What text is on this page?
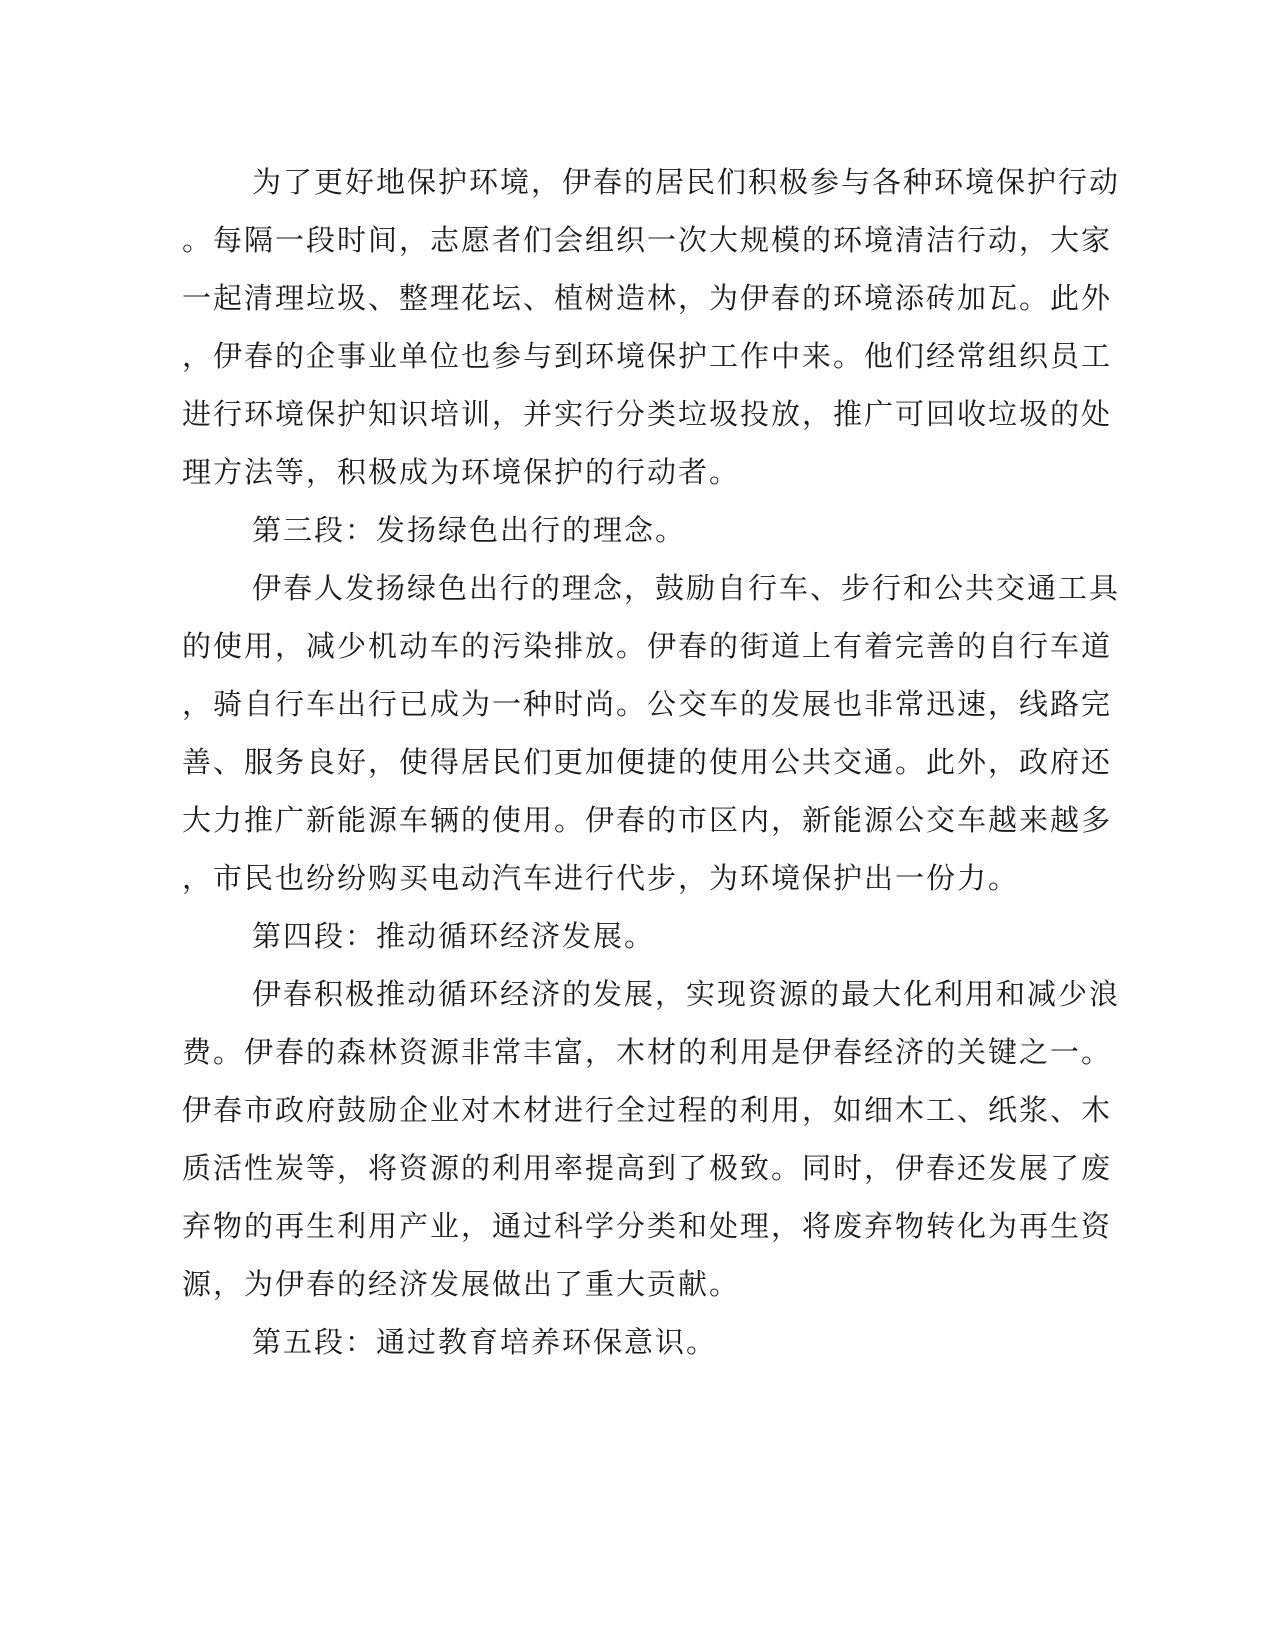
为了更好地保护环境，伊春的居民们积极参与各种环境保护行动
。每隔一段时间，志愿者们会组织一次大规模的环境清洁行动，大家
一起清理垃圾、整理花坛、植树造林，为伊春的环境添砖加瓦。此外
，伊春的企事业单位也参与到环境保护工作中来。他们经常组织员工
进行环境保护知识培训，并实行分类垃圾投放，推广可回收垃圾的处
理方法等，积极成为环境保护的行动者。
第三段：发扬绿色出行的理念。
伊春人发扬绿色出行的理念，鼓励自行车、步行和公共交通工具
的使用，减少机动车的污染排放。伊春的街道上有着完善的自行车道
，骑自行车出行已成为一种时尚。公交车的发展也非常迅速，线路完
善、服务良好，使得居民们更加便捷的使用公共交通。此外，政府还
大力推广新能源车辆的使用。伊春的市区内，新能源公交车越来越多
，市民也纷纷购买电动汽车进行代步，为环境保护出一份力。
第四段：推动循环经济发展。
伊春积极推动循环经济的发展，实现资源的最大化利用和减少浪
费。伊春的森林资源非常丰富，木材的利用是伊春经济的关键之一。
伊春市政府鼓励企业对木材进行全过程的利用，如细木工、纸浆、木
质活性炭等，将资源的利用率提高到了极致。同时，伊春还发展了废
弃物的再生利用产业，通过科学分类和处理，将废弃物转化为再生资
源，为伊春的经济发展做出了重大贡献。
第五段：通过教育培养环保意识。
